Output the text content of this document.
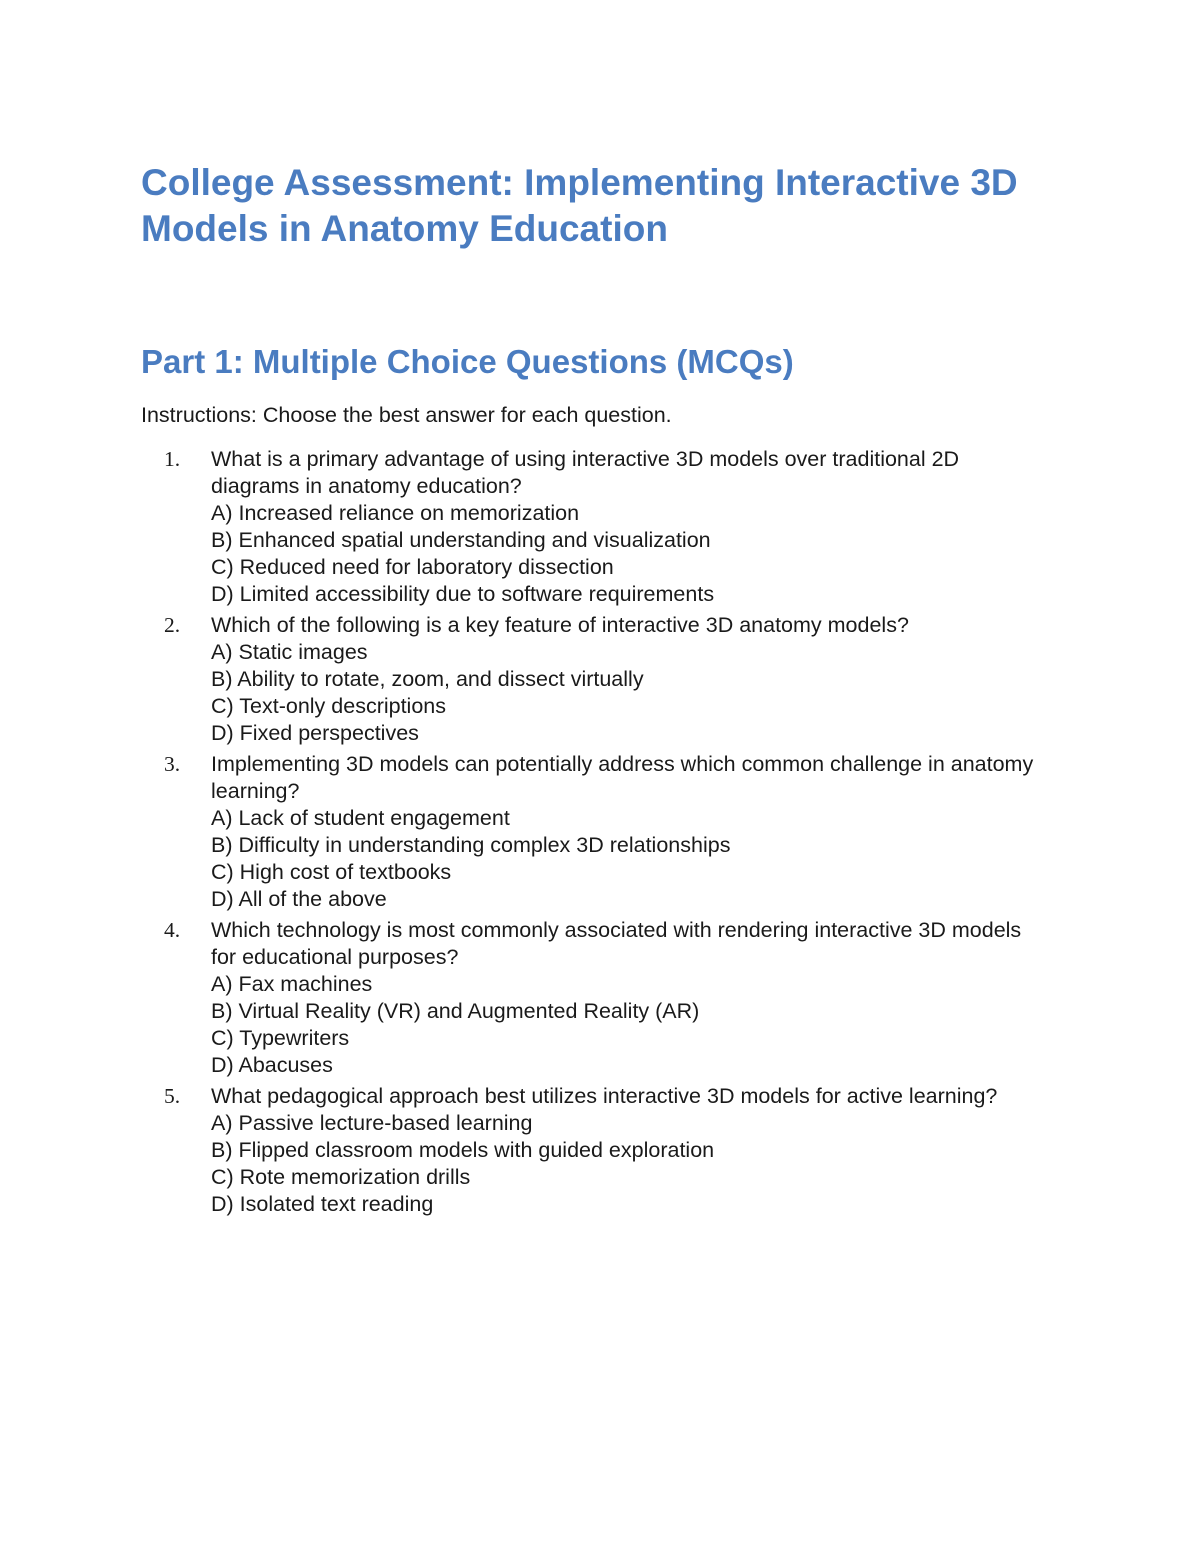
College Assessment: Implementing Interactive 3D Models in Anatomy Education
Part 1: Multiple Choice Questions (MCQs)

Instructions: Choose the best answer for each question.

1. What is a primary advantage of using interactive 3D models over traditional 2D diagrams in anatomy education?
A) Increased reliance on memorization
B) Enhanced spatial understanding and visualization
C) Reduced need for laboratory dissection
D) Limited accessibility due to software requirements
2. Which of the following is a key feature of interactive 3D anatomy models?
A) Static images
B) Ability to rotate, zoom, and dissect virtually
C) Text-only descriptions
D) Fixed perspectives
3. Implementing 3D models can potentially address which common challenge in anatomy learning?
A) Lack of student engagement
B) Difficulty in understanding complex 3D relationships
C) High cost of textbooks
D) All of the above
4. Which technology is most commonly associated with rendering interactive 3D models for educational purposes?
A) Fax machines
B) Virtual Reality (VR) and Augmented Reality (AR)
C) Typewriters
D) Abacuses
5. What pedagogical approach best utilizes interactive 3D models for active learning?
A) Passive lecture-based learning
B) Flipped classroom models with guided exploration
C) Rote memorization drills
D) Isolated text reading
